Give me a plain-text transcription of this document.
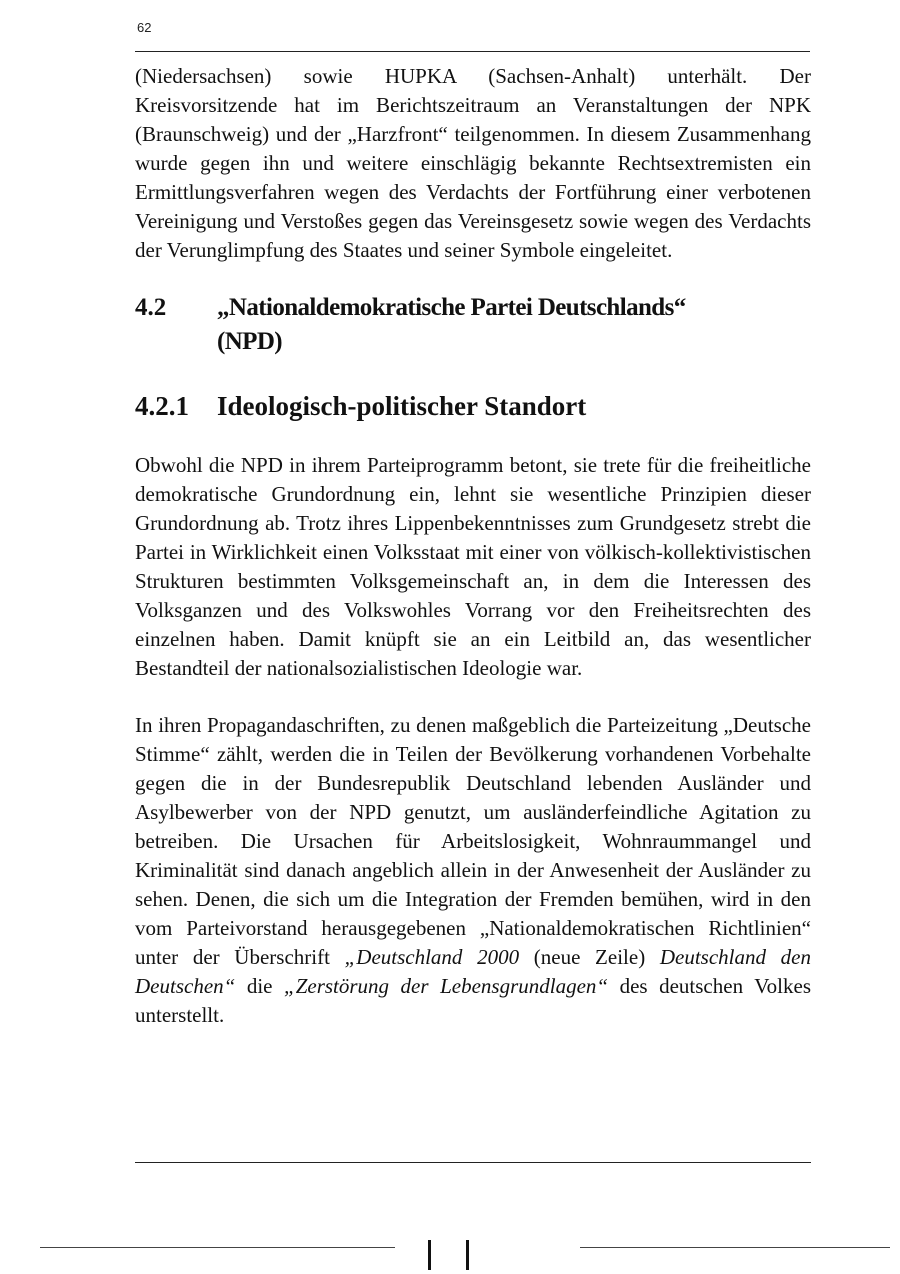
62

(Niedersachsen) sowie HUPKA (Sachsen-Anhalt) unterhält. Der Kreisvorsitzende hat im Berichtszeitraum an Veranstaltungen der NPK (Braunschweig) und der „Harzfront“ teilgenommen. In diesem Zusammenhang wurde gegen ihn und weitere einschlägig bekannte Rechtsextremisten ein Ermittlungsverfahren wegen des Verdachts der Fortführung einer verbotenen Vereinigung und Verstoßes gegen das Vereinsgesetz sowie wegen des Verdachts der Verunglimpfung des Staates und seiner Symbole eingeleitet.

4.2	„Nationaldemokratische Partei Deutschlands“
(NPD)
4.2.1	Ideologisch-politischer Standort

Obwohl die NPD in ihrem Parteiprogramm betont, sie trete für die freiheitliche demokratische Grundordnung ein, lehnt sie wesentliche Prinzipien dieser Grundordnung ab. Trotz ihres Lippenbekenntnisses zum Grundgesetz strebt die Partei in Wirklichkeit einen Volksstaat mit einer von völkisch-kollektivistischen Strukturen bestimmten Volksgemeinschaft an, in dem die Interessen des Volksganzen und des Volkswohles Vorrang vor den Freiheitsrechten des einzelnen haben. Damit knüpft sie an ein Leitbild an, das wesentlicher Bestandteil der nationalsozialistischen Ideologie war.

In ihren Propagandaschriften, zu denen maßgeblich die Parteizeitung „Deutsche Stimme“ zählt, werden die in Teilen der Bevölkerung vorhandenen Vorbehalte gegen die in der Bundesrepublik Deutschland lebenden Ausländer und Asylbewerber von der NPD genutzt, um ausländerfeindliche Agitation zu betreiben. Die Ursachen für Arbeitslosigkeit, Wohnraummangel und Kriminalität sind danach angeblich allein in der Anwesenheit der Ausländer zu sehen. Denen, die sich um die Integration der Fremden bemühen, wird in den vom Parteivorstand herausgegebenen „Nationaldemokratischen Richtlinien“ unter der Überschrift „Deutschland 2000 (neue Zeile) Deutschland den Deutschen“ die „Zerstörung der Lebensgrundlagen“ des deutschen Volkes unterstellt.
